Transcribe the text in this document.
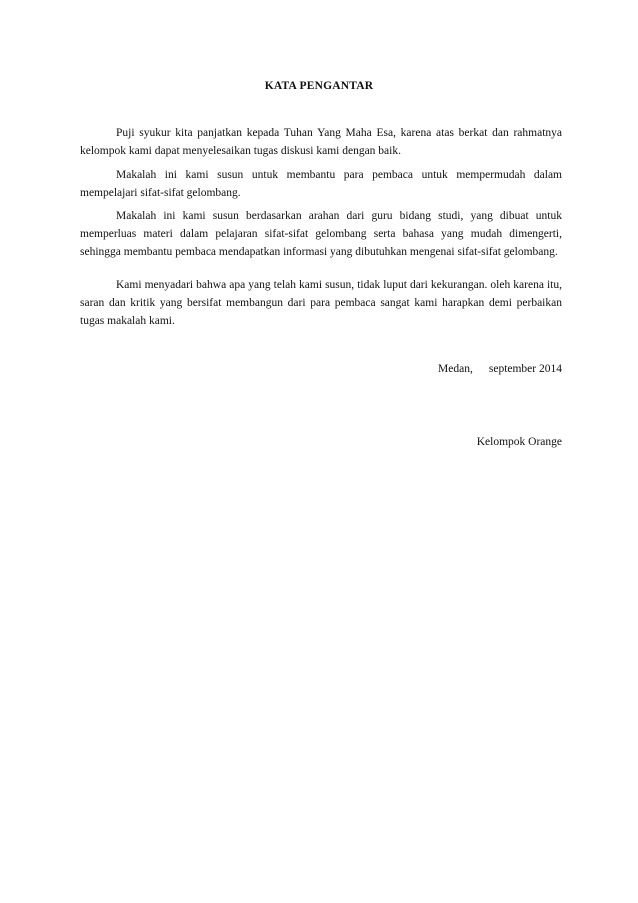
KATA PENGANTAR

Puji syukur kita panjatkan kepada Tuhan Yang Maha Esa, karena atas berkat dan rahmatnya kelompok kami dapat menyelesaikan tugas diskusi kami dengan baik.

Makalah ini kami susun untuk membantu para pembaca untuk mempermudah dalam mempelajari sifat-sifat gelombang.

Makalah ini kami susun berdasarkan arahan dari guru bidang studi, yang dibuat untuk memperluas materi dalam pelajaran sifat-sifat gelombang serta bahasa yang mudah dimengerti, sehingga membantu pembaca mendapatkan informasi yang dibutuhkan mengenai sifat-sifat gelombang.

Kami menyadari bahwa apa yang telah kami susun, tidak luput dari kekurangan. oleh karena itu, saran dan kritik yang bersifat membangun dari para pembaca sangat kami harapkan demi perbaikan tugas makalah kami.

Medan, september 2014
Kelompok Orange
